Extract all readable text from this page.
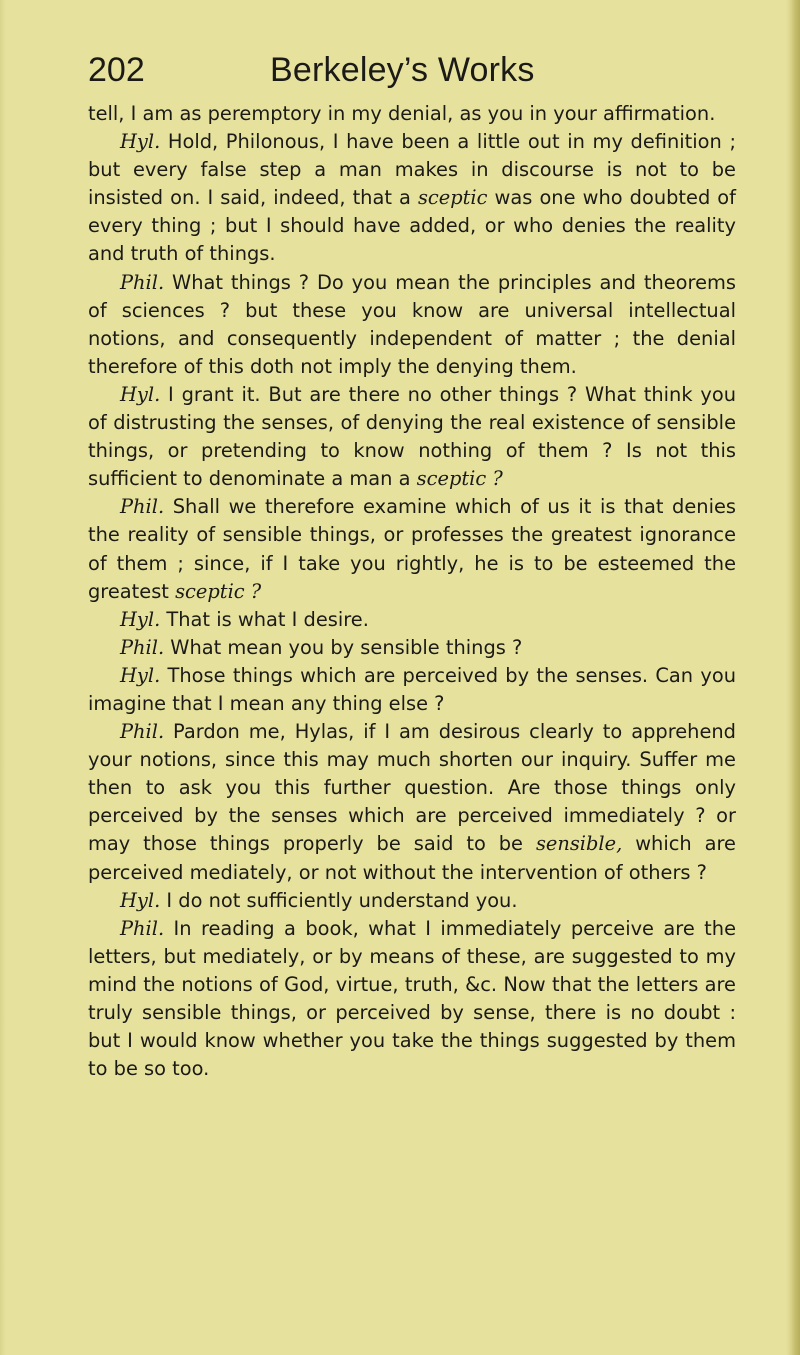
202	Berkeley’s Works

tell, I am as peremptory in my denial, as you in your affirmation.

Hyl. Hold, Philonous, I have been a little out in my definition ; but every false step a man makes in discourse is not to be insisted on. I said, indeed, that a sceptic was one who doubted of every thing ; but I should have added, or who denies the reality and truth of things.

Phil. What things ? Do you mean the principles and theorems of sciences ? but these you know are universal intellectual notions, and consequently independent of matter ; the denial therefore of this doth not imply the denying them.

Hyl. I grant it. But are there no other things ? What think you of distrusting the senses, of denying the real existence of sensible things, or pretending to know nothing of them ? Is not this sufficient to denominate a man a sceptic ?

Phil. Shall we therefore examine which of us it is that denies the reality of sensible things, or professes the greatest ignorance of them ; since, if I take you rightly, he is to be esteemed the greatest sceptic ?

Hyl. That is what I desire.

Phil. What mean you by sensible things ?

Hyl. Those things which are perceived by the senses. Can you imagine that I mean any thing else ?

Phil. Pardon me, Hylas, if I am desirous clearly to apprehend your notions, since this may much shorten our inquiry. Suffer me then to ask you this further question. Are those things only perceived by the senses which are perceived immediately ? or may those things properly be said to be sensible, which are perceived mediately, or not without the intervention of others ?

Hyl. I do not sufficiently understand you.

Phil. In reading a book, what I immediately perceive are the letters, but mediately, or by means of these, are suggested to my mind the notions of God, virtue, truth, &c. Now that the letters are truly sensible things, or perceived by sense, there is no doubt : but I would know whether you take the things suggested by them to be so too.
